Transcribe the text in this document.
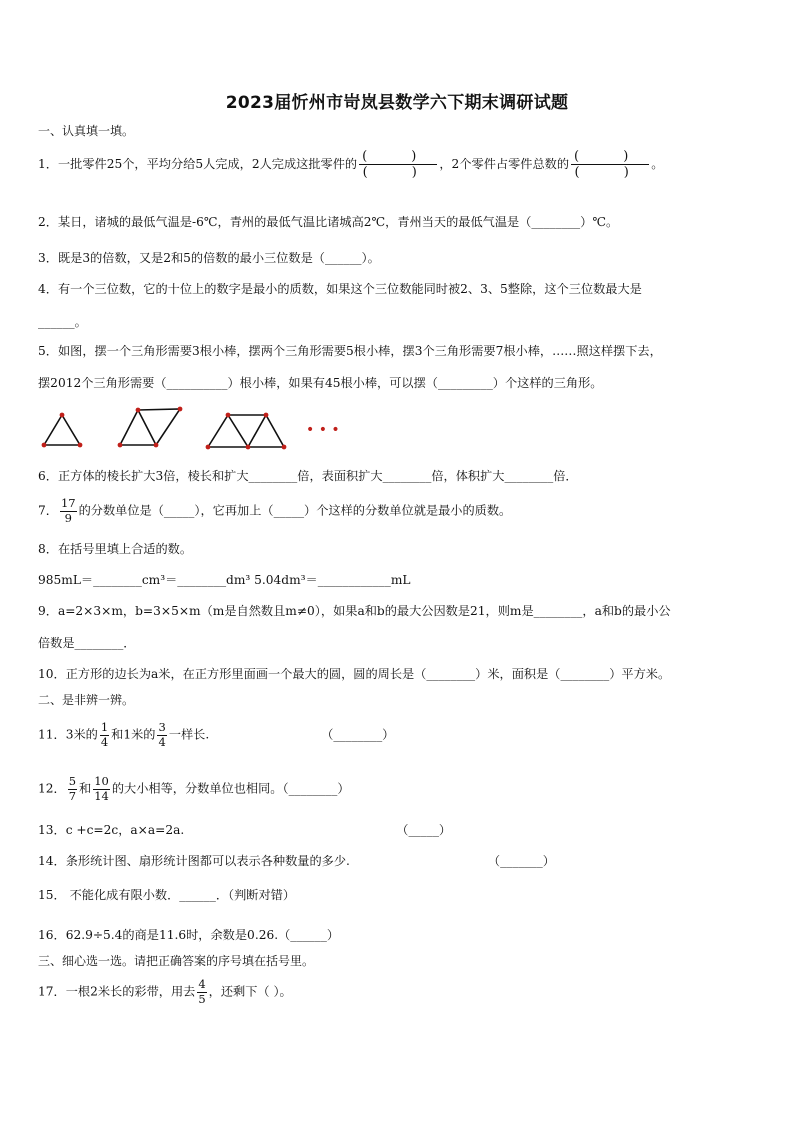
2023届忻州市岢岚县数学六下期末调研试题
一、认真填一填。
1．一批零件25个，平均分给5人完成，2人完成这批零件的 $\frac{( )}{( )}$ ，2个零件占零件总数的 $\frac{( )}{( )}$ 。
2．某日，诸城的最低气温是-6℃，青州的最低气温比诸城高2℃，青州当天的最低气温是（________）℃。
3．既是3的倍数，又是2和5的倍数的最小三位数是（______）。
4．有一个三位数，它的十位上的数字是最小的质数，如果这个三位数能同时被2、3、5整除，这个三位数最大是
______。
5．如图，摆一个三角形需要3根小棒，摆两个三角形需要5根小棒，摆3个三角形需要7根小棒，……照这样摆下去，
摆2012个三角形需要（__________）根小棒，如果有45根小棒，可以摆（_________）个这样的三角形。
• • •
6．正方体的棱长扩大3倍，棱长和扩大________倍，表面积扩大________倍，体积扩大________倍．
7． $\frac{17}{9}$ 的分数单位是（_____），它再加上（_____）个这样的分数单位就是最小的质数。
8．在括号里填上合适的数。
985mL＝________cm³＝________dm³ 5.04dm³＝____________mL
9．a=2×3×m，b=3×5×m（m是自然数且m≠0），如果a和b的最大公因数是21，则m是________，a和b的最小公
倍数是________．
10．正方形的边长为a米，在正方形里面画一个最大的圆，圆的周长是（________）米，面积是（________）平方米。
二、是非辨一辨。
11．3米的 $\frac{1}{4}$ 和1米的 $\frac{3}{4}$ 一样长.	（________）
12． $\frac{5}{7}$ 和 $\frac{10}{14}$ 的大小相等，分数单位也相同。（________）
13．c +c=2c，a×a=2a.	（_____）
14．条形统计图、扇形统计图都可以表示各种数量的多少.	（_______）
15． 不能化成有限小数．______．（判断对错）
16．62.9÷5.4的商是11.6时，余数是0.26.（______）
三、细心选一选。请把正确答案的序号填在括号里。
17．一根2米长的彩带，用去 $\frac{4}{5}$ ，还剩下（ ）。
